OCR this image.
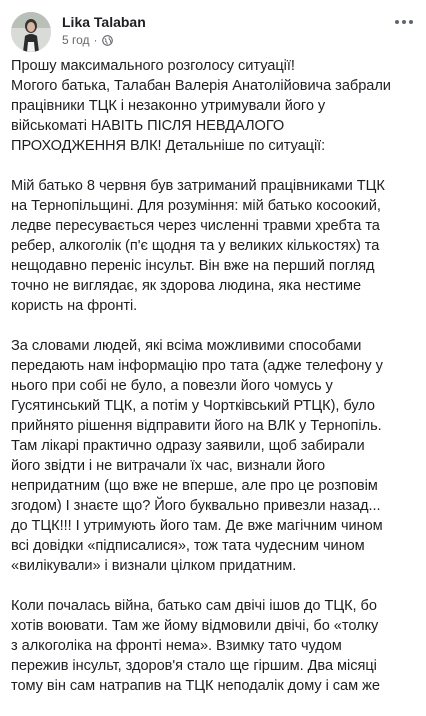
Lika Talaban
5 год ·

Прошу максимального розголосу ситуації!
Могого батька, Талабан Валерія Анатолійовича забрали
працівники ТЦК і незаконно утримували його у
військоматі НАВІТЬ ПІСЛЯ НЕВДАЛОГО
ПРОХОДЖЕННЯ ВЛК! Детальніше по ситуації:

Мій батько 8 червня був затриманий працівниками ТЦК
на Тернопільщині. Для розуміння: мій батько косоокий,
ледве пересувається через численні травми хребта та
ребер, алкоголік (п'є щодня та у великих кількостях) та
нещодавно переніс інсульт. Він вже на перший погляд
точно не виглядає, як здорова людина, яка нестиме
користь на фронті.

За словами людей, які всіма можливими способами
передають нам інформацію про тата (адже телефону у
нього при собі не було, а повезли його чомусь у
Гусятинський ТЦК, а потім у Чортківський РТЦК), було
прийнято рішення відправити його на ВЛК у Тернопіль.
Там лікарі практично одразу заявили, щоб забирали
його звідти і не витрачали їх час, визнали його
непридатним (що вже не вперше, але про це розповім
згодом) І знаєте що? Його буквально привезли назад...
до ТЦК!!! І утримують його там. Де вже магічним чином
всі довідки «підписалися», тож тата чудесним чином
«вилікували» і визнали цілком придатним.

Коли почалась війна, батько сам двічі ішов до ТЦК, бо
хотів воювати. Там же йому відмовили двічі, бо «толку
з алкоголіка на фронті нема». Взимку тато чудом
пережив інсульт, здоров'я стало ще гіршим. Два місяці
тому він сам натрапив на ТЦК неподалік дому і сам же
